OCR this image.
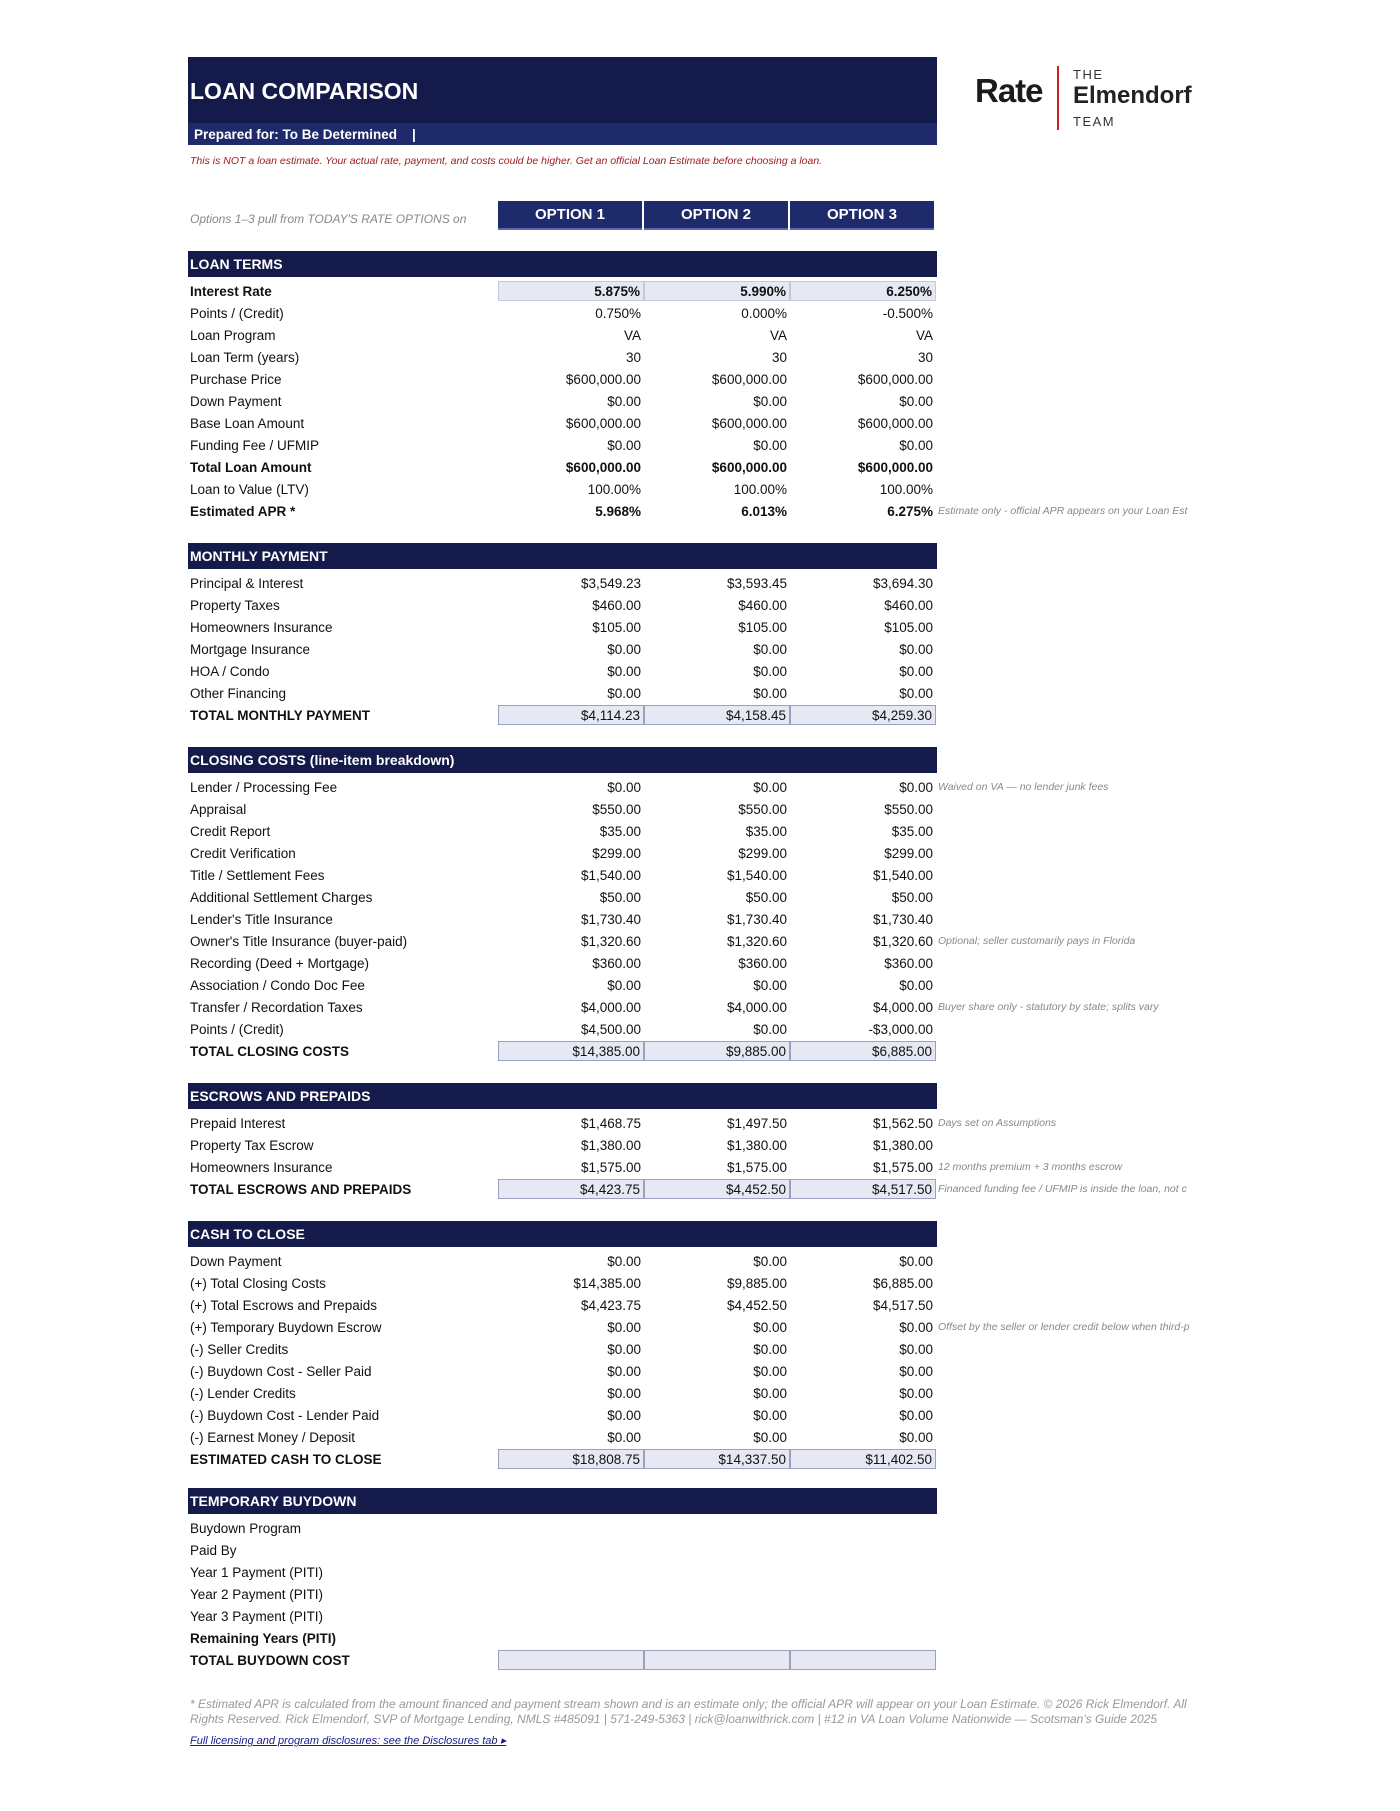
LOAN COMPARISON
Prepared for: To Be Determined    |
This is NOT a loan estimate. Your actual rate, payment, and costs could be higher. Get an official Loan Estimate before choosing a loan.
Rate THE
Elmendorf
TEAM
Options 1–3 pull from TODAY'S RATE OPTIONS on	OPTION 1	OPTION 2	OPTION 3
LOAN TERMS
Interest Rate	5.875%	5.990%	6.250%
Points / (Credit)	0.750%	0.000%	-0.500%
Loan Program	VA	VA	VA
Loan Term (years)	30	30	30
Purchase Price	$600,000.00	$600,000.00	$600,000.00
Down Payment	$0.00	$0.00	$0.00
Base Loan Amount	$600,000.00	$600,000.00	$600,000.00
Funding Fee / UFMIP	$0.00	$0.00	$0.00
Total Loan Amount	$600,000.00	$600,000.00	$600,000.00
Loan to Value (LTV)	100.00%	100.00%	100.00%
Estimated APR *	5.968%	6.013%	6.275% Estimate only - official APR appears on your Loan Est
MONTHLY PAYMENT
Principal & Interest	$3,549.23	$3,593.45	$3,694.30
Property Taxes	$460.00	$460.00	$460.00
Homeowners Insurance	$105.00	$105.00	$105.00
Mortgage Insurance	$0.00	$0.00	$0.00
HOA / Condo	$0.00	$0.00	$0.00
Other Financing	$0.00	$0.00	$0.00
TOTAL MONTHLY PAYMENT	$4,114.23	$4,158.45	$4,259.30
CLOSING COSTS (line-item breakdown)
Lender / Processing Fee	$0.00	$0.00	$0.00 Waived on VA — no lender junk fees
Appraisal	$550.00	$550.00	$550.00
Credit Report	$35.00	$35.00	$35.00
Credit Verification	$299.00	$299.00	$299.00
Title / Settlement Fees	$1,540.00	$1,540.00	$1,540.00
Additional Settlement Charges	$50.00	$50.00	$50.00
Lender's Title Insurance	$1,730.40	$1,730.40	$1,730.40
Owner's Title Insurance (buyer-paid)	$1,320.60	$1,320.60	$1,320.60 Optional; seller customarily pays in Florida
Recording (Deed + Mortgage)	$360.00	$360.00	$360.00
Association / Condo Doc Fee	$0.00	$0.00	$0.00
Transfer / Recordation Taxes	$4,000.00	$4,000.00	$4,000.00 Buyer share only - statutory by state; splits vary
Points / (Credit)	$4,500.00	$0.00	-$3,000.00
TOTAL CLOSING COSTS	$14,385.00	$9,885.00	$6,885.00
ESCROWS AND PREPAIDS
Prepaid Interest	$1,468.75	$1,497.50	$1,562.50 Days set on Assumptions
Property Tax Escrow	$1,380.00	$1,380.00	$1,380.00
Homeowners Insurance	$1,575.00	$1,575.00	$1,575.00 12 months premium + 3 months escrow
TOTAL ESCROWS AND PREPAIDS	$4,423.75	$4,452.50	$4,517.50 Financed funding fee / UFMIP is inside the loan, not c
CASH TO CLOSE
Down Payment	$0.00	$0.00	$0.00
(+) Total Closing Costs	$14,385.00	$9,885.00	$6,885.00
(+) Total Escrows and Prepaids	$4,423.75	$4,452.50	$4,517.50
(+) Temporary Buydown Escrow	$0.00	$0.00	$0.00 Offset by the seller or lender credit below when third-p
(-) Seller Credits	$0.00	$0.00	$0.00
(-) Buydown Cost - Seller Paid	$0.00	$0.00	$0.00
(-) Lender Credits	$0.00	$0.00	$0.00
(-) Buydown Cost - Lender Paid	$0.00	$0.00	$0.00
(-) Earnest Money / Deposit	$0.00	$0.00	$0.00
ESTIMATED CASH TO CLOSE	$18,808.75	$14,337.50	$11,402.50
TEMPORARY BUYDOWN
Buydown Program
Paid By
Year 1 Payment (PITI)
Year 2 Payment (PITI)
Year 3 Payment (PITI)
Remaining Years (PITI)
TOTAL BUYDOWN COST
* Estimated APR is calculated from the amount financed and payment stream shown and is an estimate only; the official APR will appear on your Loan Estimate. © 2026 Rick Elmendorf. All Rights Reserved. Rick Elmendorf, SVP of Mortgage Lending, NMLS #485091 | 571-249-5363 | rick@loanwithrick.com | #12 in VA Loan Volume Nationwide — Scotsman's Guide 2025
Full licensing and program disclosures: see the Disclosures tab ▸
